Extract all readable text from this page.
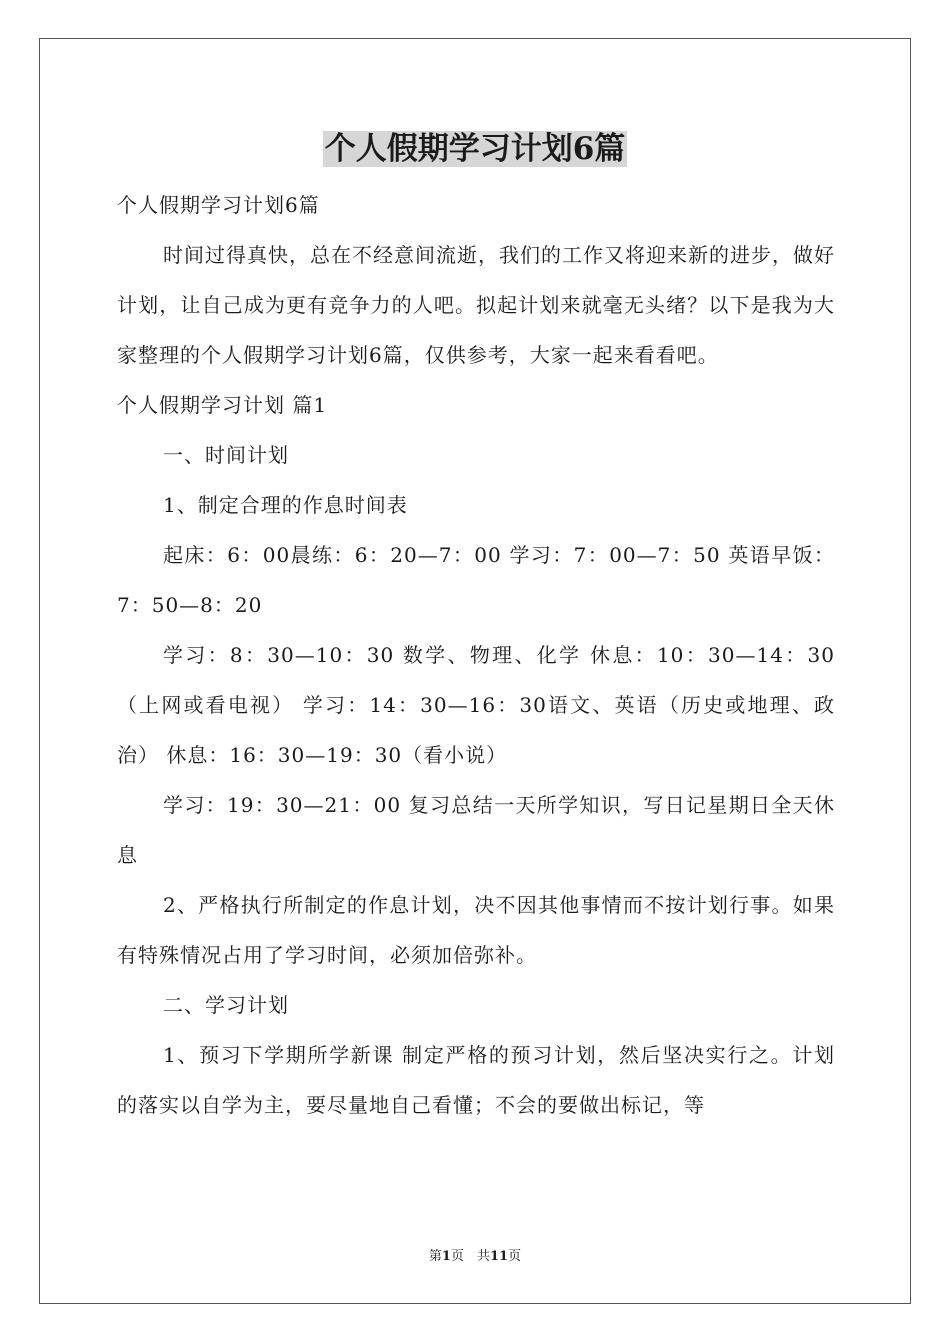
个人假期学习计划6篇

个人假期学习计划6篇

时间过得真快，总在不经意间流逝，我们的工作又将迎来新的进步，做好计划，让自己成为更有竞争力的人吧。拟起计划来就毫无头绪？以下是我为大家整理的个人假期学习计划6篇，仅供参考，大家一起来看看吧。

个人假期学习计划 篇1

一、时间计划

1、制定合理的作息时间表

起床：6：00晨练：6：20—7：00 学习：7：00—7：50 英语早饭：7：50—8：20

学习：8：30—10：30 数学、物理、化学 休息：10：30—14：30（上网或看电视） 学习：14：30—16：30语文、英语（历史或地理、政治） 休息：16：30—19：30（看小说）

学习：19：30—21：00 复习总结一天所学知识，写日记星期日全天休息

2、严格执行所制定的作息计划，决不因其他事情而不按计划行事。如果有特殊情况占用了学习时间，必须加倍弥补。

二、学习计划

1、预习下学期所学新课 制定严格的预习计划，然后坚决实行之。计划的落实以自学为主，要尽量地自己看懂；不会的要做出标记，等

第1页　共11页
